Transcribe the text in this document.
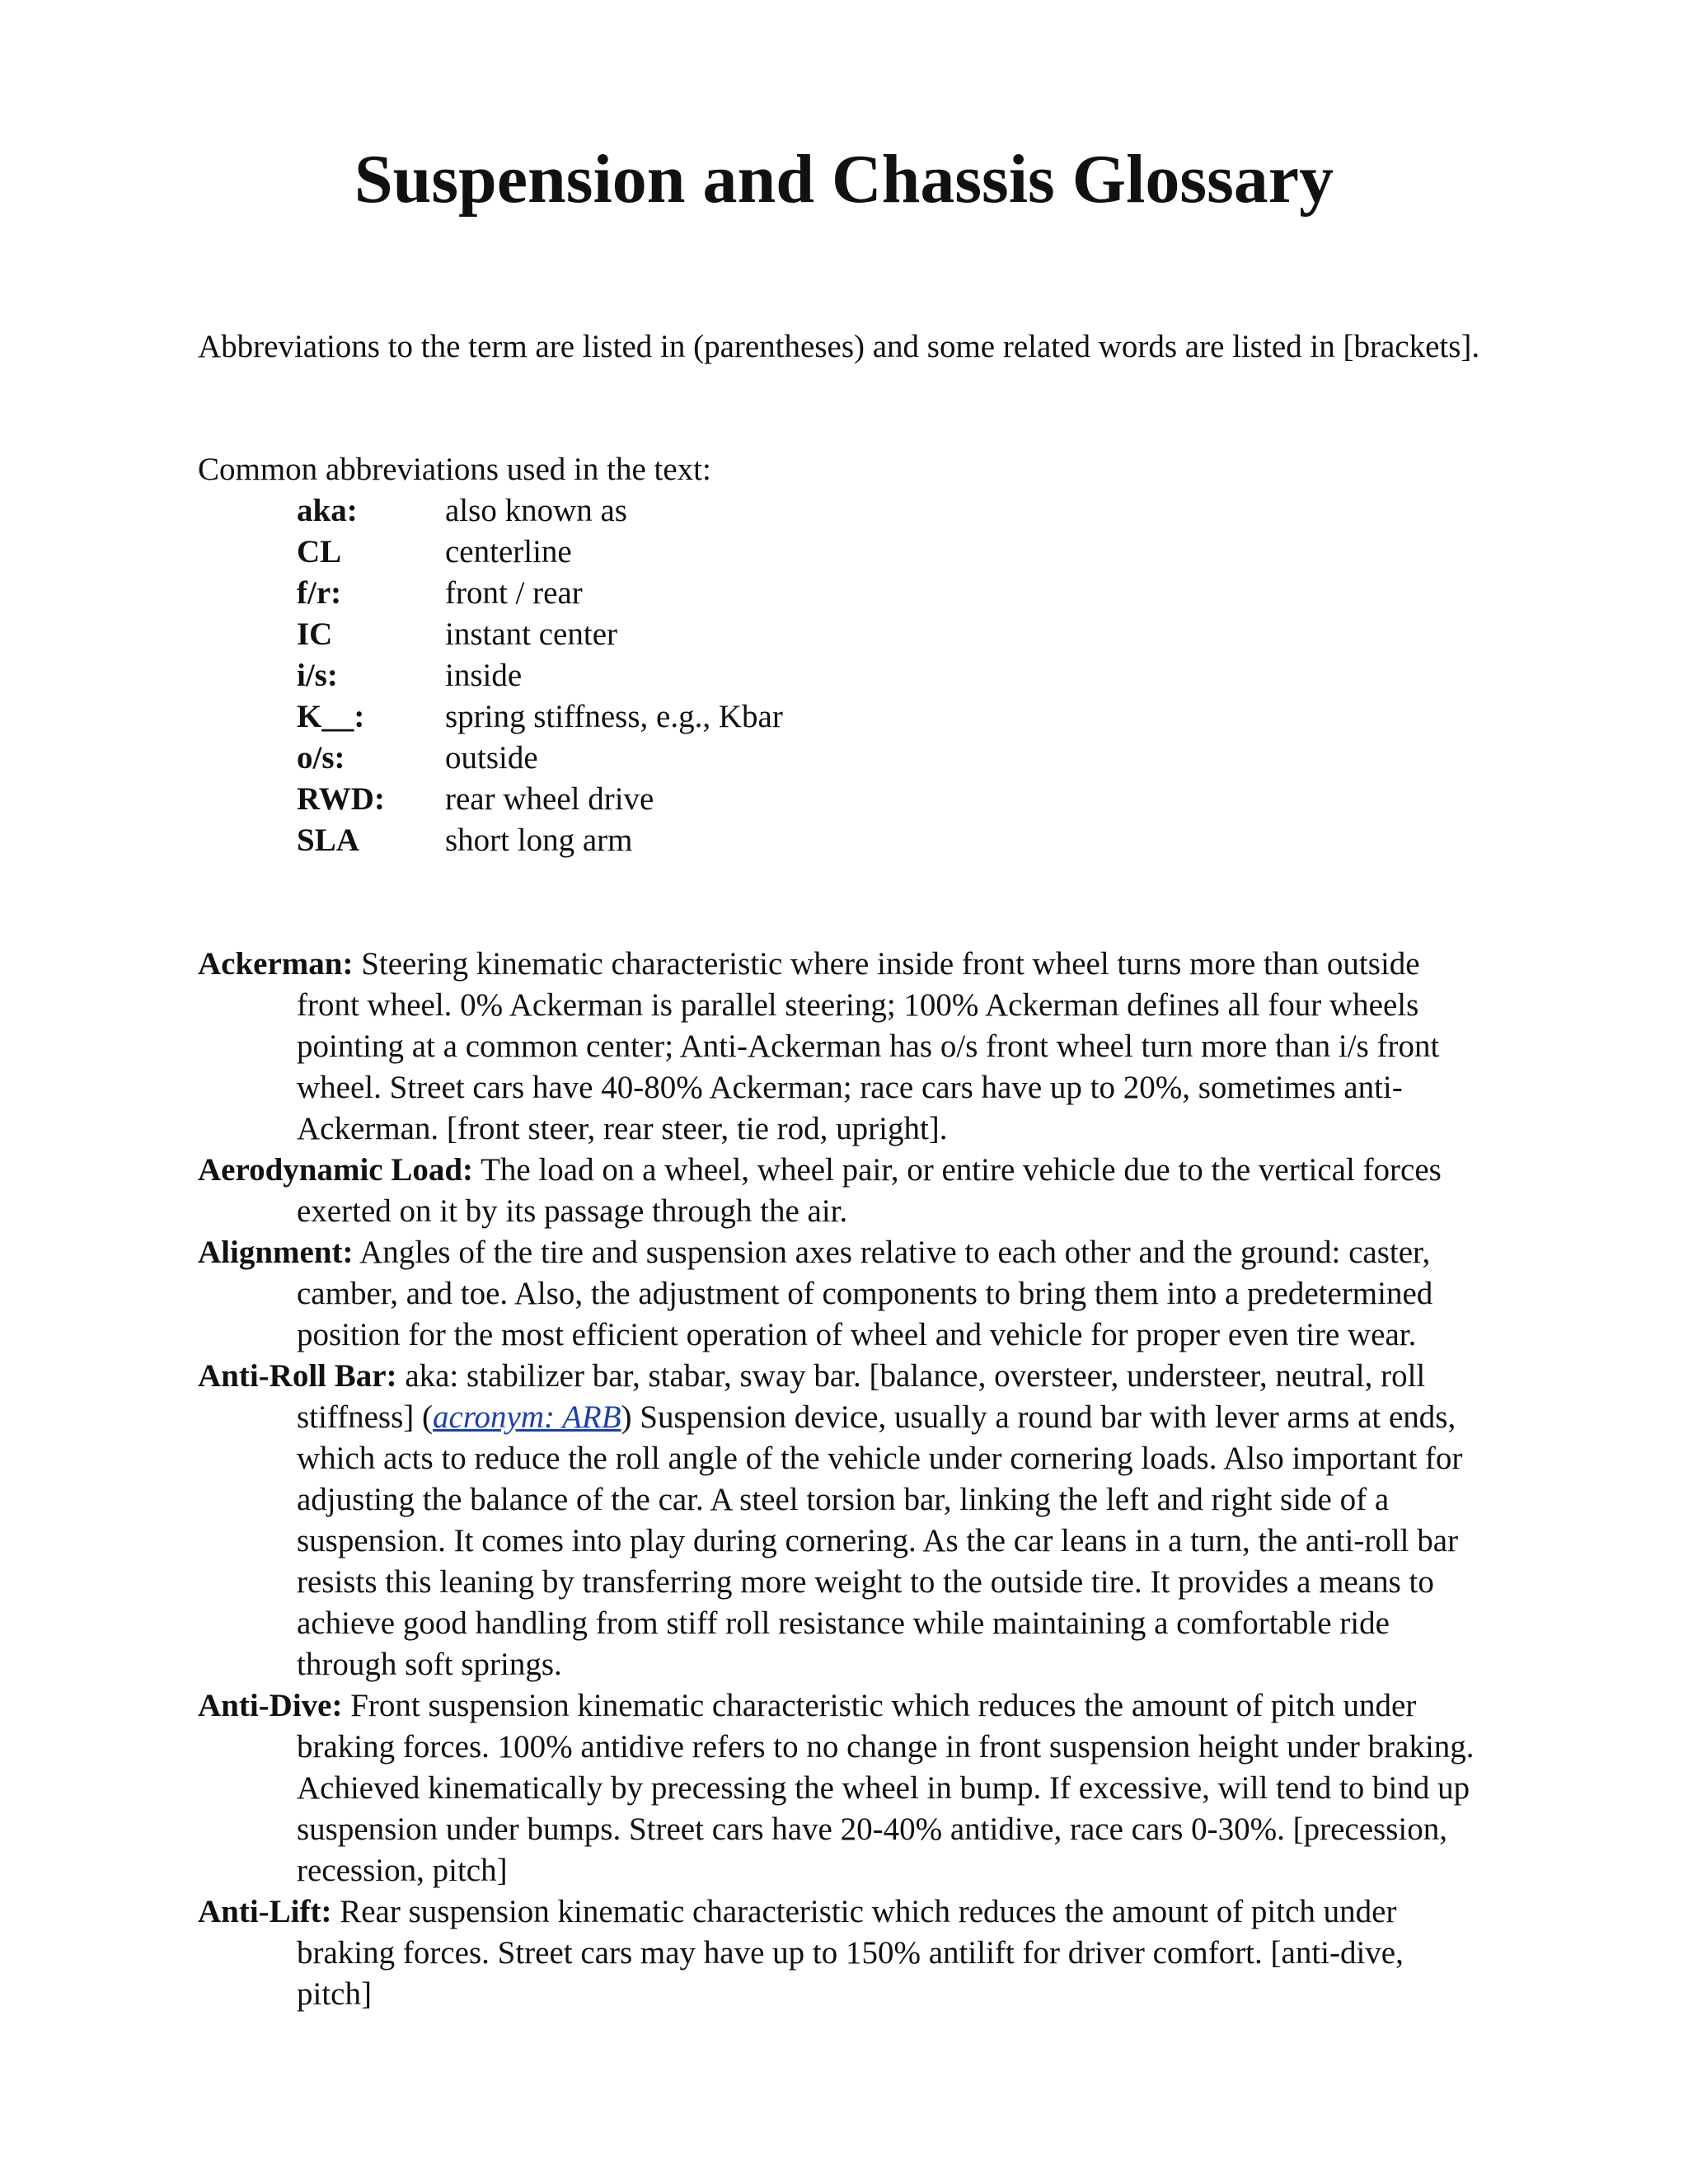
Suspension and Chassis Glossary

Abbreviations to the term are listed in (parentheses) and some related words are listed in [brackets].

Common abbreviations used in the text:

aka:	also known as
CL	centerline
f/r:	front / rear
IC	instant center
i/s:	inside
K__:	spring stiffness, e.g., Kbar
o/s:	outside
RWD:	rear wheel drive
SLA	short long arm

Ackerman: Steering kinematic characteristic where inside front wheel turns more than outside front wheel. 0% Ackerman is parallel steering; 100% Ackerman defines all four wheels pointing at a common center; Anti-Ackerman has o/s front wheel turn more than i/s front wheel. Street cars have 40-80% Ackerman; race cars have up to 20%, sometimes anti-Ackerman. [front steer, rear steer, tie rod, upright].

Aerodynamic Load: The load on a wheel, wheel pair, or entire vehicle due to the vertical forces exerted on it by its passage through the air.

Alignment: Angles of the tire and suspension axes relative to each other and the ground: caster, camber, and toe. Also, the adjustment of components to bring them into a predetermined position for the most efficient operation of wheel and vehicle for proper even tire wear.

Anti-Roll Bar: aka: stabilizer bar, stabar, sway bar. [balance, oversteer, understeer, neutral, roll stiffness] (acronym: ARB) Suspension device, usually a round bar with lever arms at ends, which acts to reduce the roll angle of the vehicle under cornering loads. Also important for adjusting the balance of the car. A steel torsion bar, linking the left and right side of a suspension. It comes into play during cornering. As the car leans in a turn, the anti-roll bar resists this leaning by transferring more weight to the outside tire. It provides a means to achieve good handling from stiff roll resistance while maintaining a comfortable ride through soft springs.

Anti-Dive: Front suspension kinematic characteristic which reduces the amount of pitch under braking forces. 100% antidive refers to no change in front suspension height under braking. Achieved kinematically by precessing the wheel in bump. If excessive, will tend to bind up suspension under bumps. Street cars have 20-40% antidive, race cars 0-30%. [precession, recession, pitch]

Anti-Lift: Rear suspension kinematic characteristic which reduces the amount of pitch under braking forces. Street cars may have up to 150% antilift for driver comfort. [anti-dive, pitch]
